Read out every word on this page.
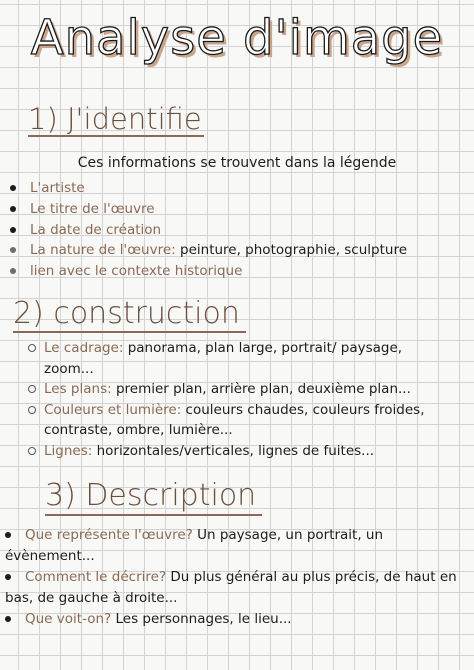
Analyse d'image
1) J'identifie
Ces informations se trouvent dans la légende
L'artiste
Le titre de l'œuvre
La date de création
La nature de l'œuvre: peinture, photographie, sculpture
lien avec le contexte historique
2) construction
Le cadrage: panorama, plan large, portrait/ paysage,
zoom...
Les plans: premier plan, arrière plan, deuxième plan...
Couleurs et lumière: couleurs chaudes, couleurs froides,
contraste, ombre, lumière...
Lignes: horizontales/verticales, lignes de fuites...
3) Description
Que représente l'œuvre? Un paysage, un portrait, un
évènement...
Comment le décrire? Du plus général au plus précis, de haut en
bas, de gauche à droite...
Que voit-on? Les personnages, le lieu...
